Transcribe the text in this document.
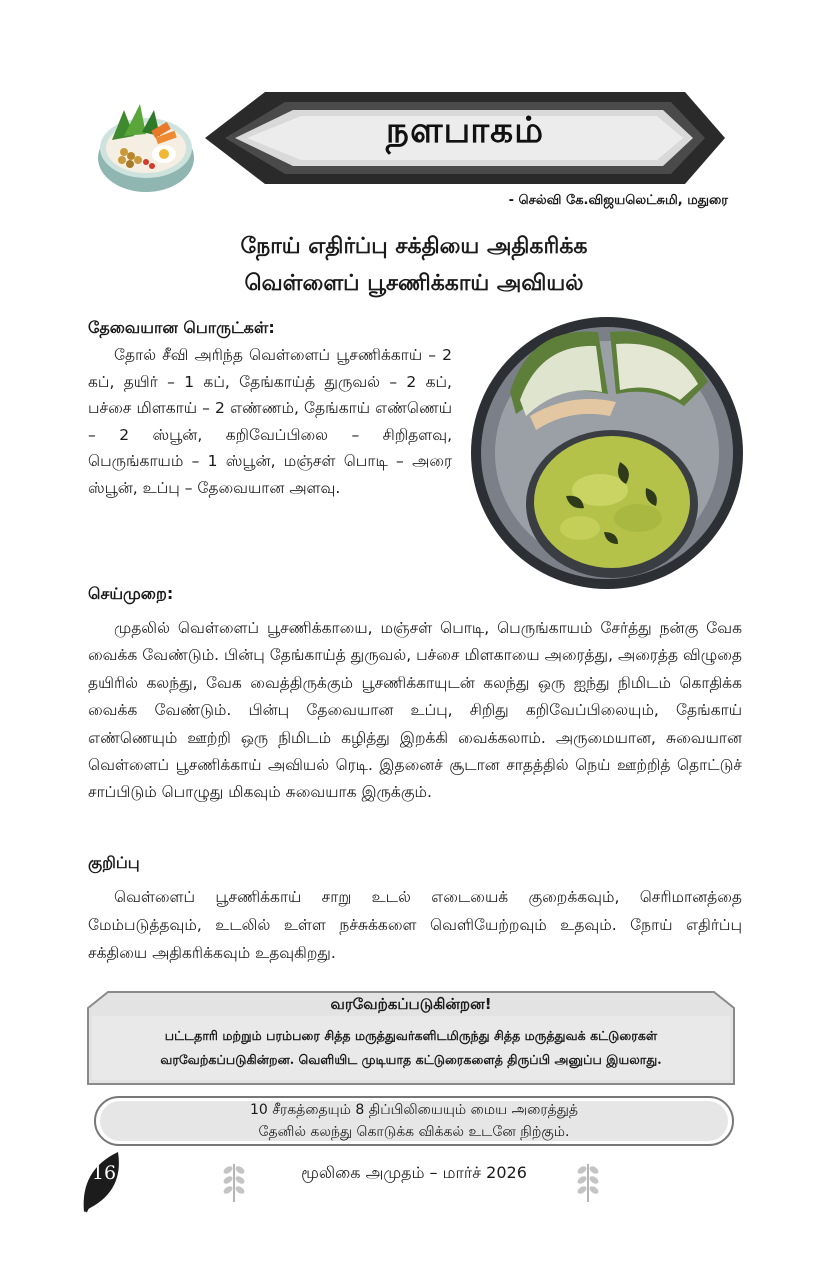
நளபாகம்
- செல்வி கே.விஜயலெட்சுமி, மதுரை
நோய் எதிர்ப்பு சக்தியை அதிகரிக்க
வெள்ளைப் பூசணிக்காய் அவியல்
தேவையான பொருட்கள்:
தோல் சீவி அரிந்த வெள்ளைப் பூசணிக்காய் – 2 கப், தயிர் – 1 கப், தேங்காய்த் துருவல் – 2 கப், பச்சை மிளகாய் – 2 எண்ணம், தேங்காய் எண்ணெய் – 2 ஸ்பூன், கறிவேப்பிலை – சிறிதளவு, பெருங்காயம் – 1 ஸ்பூன், மஞ்சள் பொடி – அரை ஸ்பூன், உப்பு – தேவையான அளவு.
செய்முறை:
முதலில் வெள்ளைப் பூசணிக்காயை, மஞ்சள் பொடி, பெருங்காயம் சேர்த்து நன்கு வேக வைக்க வேண்டும். பின்பு தேங்காய்த் துருவல், பச்சை மிளகாயை அரைத்து, அரைத்த விழுதை தயிரில் கலந்து, வேக வைத்திருக்கும் பூசணிக்காயுடன் கலந்து ஒரு ஐந்து நிமிடம் கொதிக்க வைக்க வேண்டும். பின்பு தேவையான உப்பு, சிறிது கறிவேப்பிலையும், தேங்காய் எண்ணெயும் ஊற்றி ஒரு நிமிடம் கழித்து இறக்கி வைக்கலாம். அருமையான, சுவையான வெள்ளைப் பூசணிக்காய் அவியல் ரெடி. இதனைச் சூடான சாதத்தில் நெய் ஊற்றித் தொட்டுச் சாப்பிடும் பொழுது மிகவும் சுவையாக இருக்கும்.
குறிப்பு
வெள்ளைப் பூசணிக்காய் சாறு உடல் எடையைக் குறைக்கவும், செரிமானத்தை மேம்படுத்தவும், உடலில் உள்ள நச்சுக்களை வெளியேற்றவும் உதவும். நோய் எதிர்ப்பு சக்தியை அதிகரிக்கவும் உதவுகிறது.
வரவேற்கப்படுகின்றன!
பட்டதாரி மற்றும் பரம்பரை சித்த மருத்துவர்களிடமிருந்து சித்த மருத்துவக் கட்டுரைகள் வரவேற்கப்படுகின்றன. வெளியிட முடியாத கட்டுரைகளைத் திருப்பி அனுப்ப இயலாது.
10 சீரகத்தையும் 8 திப்பிலியையும் மைய அரைத்துத்
தேனில் கலந்து கொடுக்க விக்கல் உடனே நிற்கும்.
16	மூலிகை அமுதம் – மார்ச் 2026
